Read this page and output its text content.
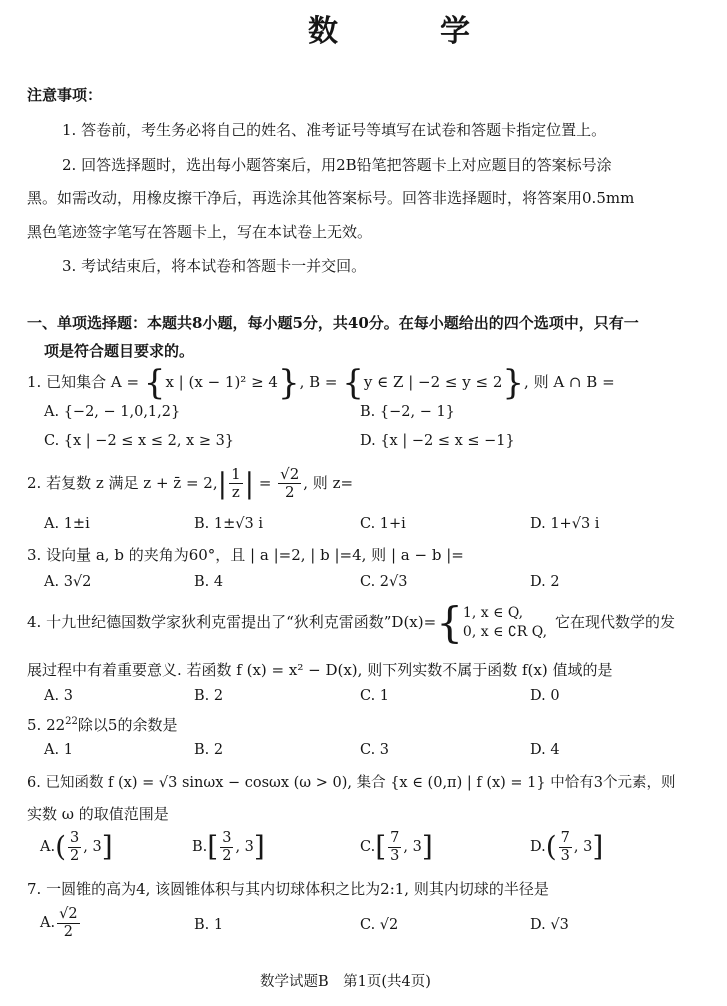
数　学
注意事项：
1. 答卷前，考生务必将自己的姓名、准考证号等填写在试卷和答题卡指定位置上。
2. 回答选择题时，选出每小题答案后，用2B铅笔把答题卡上对应题目的答案标号涂
黑。如需改动，用橡皮擦干净后，再选涂其他答案标号。回答非选择题时，将答案用0.5mm
黑色笔迹签字笔写在答题卡上，写在本试卷上无效。
3. 考试结束后，将本试卷和答题卡一并交回。
一、单项选择题：本题共8小题，每小题5分，共40分。在每小题给出的四个选项中，只有一
项是符合题目要求的。
1. 已知集合 A = {x | (x − 1)² ≥ 4}, B = {y ∈ Z | −2 ≤ y ≤ 2}, 则 A ∩ B =
A. {−2, − 1,0,1,2}	B. {−2, − 1}
C. {x | −2 ≤ x ≤ 2, x ≥ 3}	D. {x | −2 ≤ x ≤ −1}
2. 若复数 z 满足 z + z̄ = $2,| \frac{1}{z}$ | = $\frac{√2}{2}$ , 则 z=
A. 1±i	B. 1±√3 i	C. 1+i	D. 1+√3 i
3. 设向量 a, b 的夹角为60°，且 | a |=2, | b |=4, 则 | a − b |=
A. 3√2	B. 4	C. 2√3	D. 2
4. 十九世纪德国数学家狄利克雷提出了“狄利克雷函数”D(x)={ 1, x ∈ Q,
0, x ∈ ∁R Q,
它在现代数学的发
展过程中有着重要意义. 若函数 f (x) = x² − D(x), 则下列实数不属于函数 f(x) 值域的是
A. 3	B. 2	C. 1	D. 0
5. $22^{22}$除以5的余数是
A. 1	B. 2	C. 3	D. 4
6. 已知函数 f (x) = √3 sinωx − cosωx (ω > 0), 集合 {x ∈ (0,π) | f (x) = 1} 中恰有3个元素，则
实数 ω 的取值范围是
$A.( \frac{3}{2}$ , 3]	$B.[ \frac{3}{2}$ , 3]	$C.[ \frac{7}{3}$ , 3]	$D.( \frac{7}{3}$ , 3]
7. 一圆锥的高为4, 该圆锥体积与其内切球体积之比为2:1, 则其内切球的半径是
A. $\frac{√2}{2}$	B. 1	C. √2	D. √3
数学试题B　第1页(共4页)
